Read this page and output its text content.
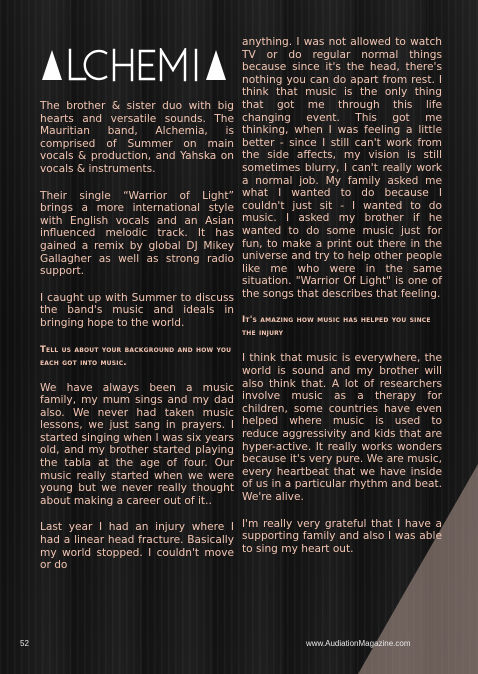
The brother & sister duo with big hearts and versatile sounds. The Mauritian band, Alchemia, is comprised of Summer on main vocals & production, and Yahska on vocals & instruments.

Their single “Warrior of Light” brings a more international style with English vocals and an Asian influenced melodic track. It has gained a remix by global DJ Mikey Gallagher as well as strong radio support.

I caught up with Summer to discuss the band's music and ideals in bringing hope to the world.

Tell us about your background and how you each got into music.

We have always been a music family, my mum sings and my dad also. We never had taken music lessons, we just sang in prayers. I started singing when I was six years old, and my brother started playing the tabla at the age of four. Our music really started when we were young but we never really thought about making a career out of it..

Last year I had an injury where I had a linear head fracture. Basically my world stopped. I couldn't move or do

anything. I was not allowed to watch TV or do regular normal things because since it's the head, there's nothing you can do apart from rest. I think that music is the only thing that got me through this life changing event. This got me thinking, when I was feeling a little better - since I still can't work from the side affects, my vision is still sometimes blurry, I can't really work a normal job. My family asked me what I wanted to do because I couldn't just sit - I wanted to do music. I asked my brother if he wanted to do some music just for fun, to make a print out there in the universe and try to help other people like me who were in the same situation. "Warrior Of Light" is one of the songs that describes that feeling.

It's amazing how music has helped you since the injury

I think that music is everywhere, the world is sound and my brother will also think that. A lot of researchers involve music as a therapy for children, some countries have even helped where music is used to reduce aggressivity and kids that are hyper-active. It really works wonders because it's very pure. We are music, every heartbeat that we have inside of us in a particular rhythm and beat. We're alive.

I'm really very grateful that I have a supporting family and also I was able to sing my heart out.

52	www.AudiationMagazine.com
